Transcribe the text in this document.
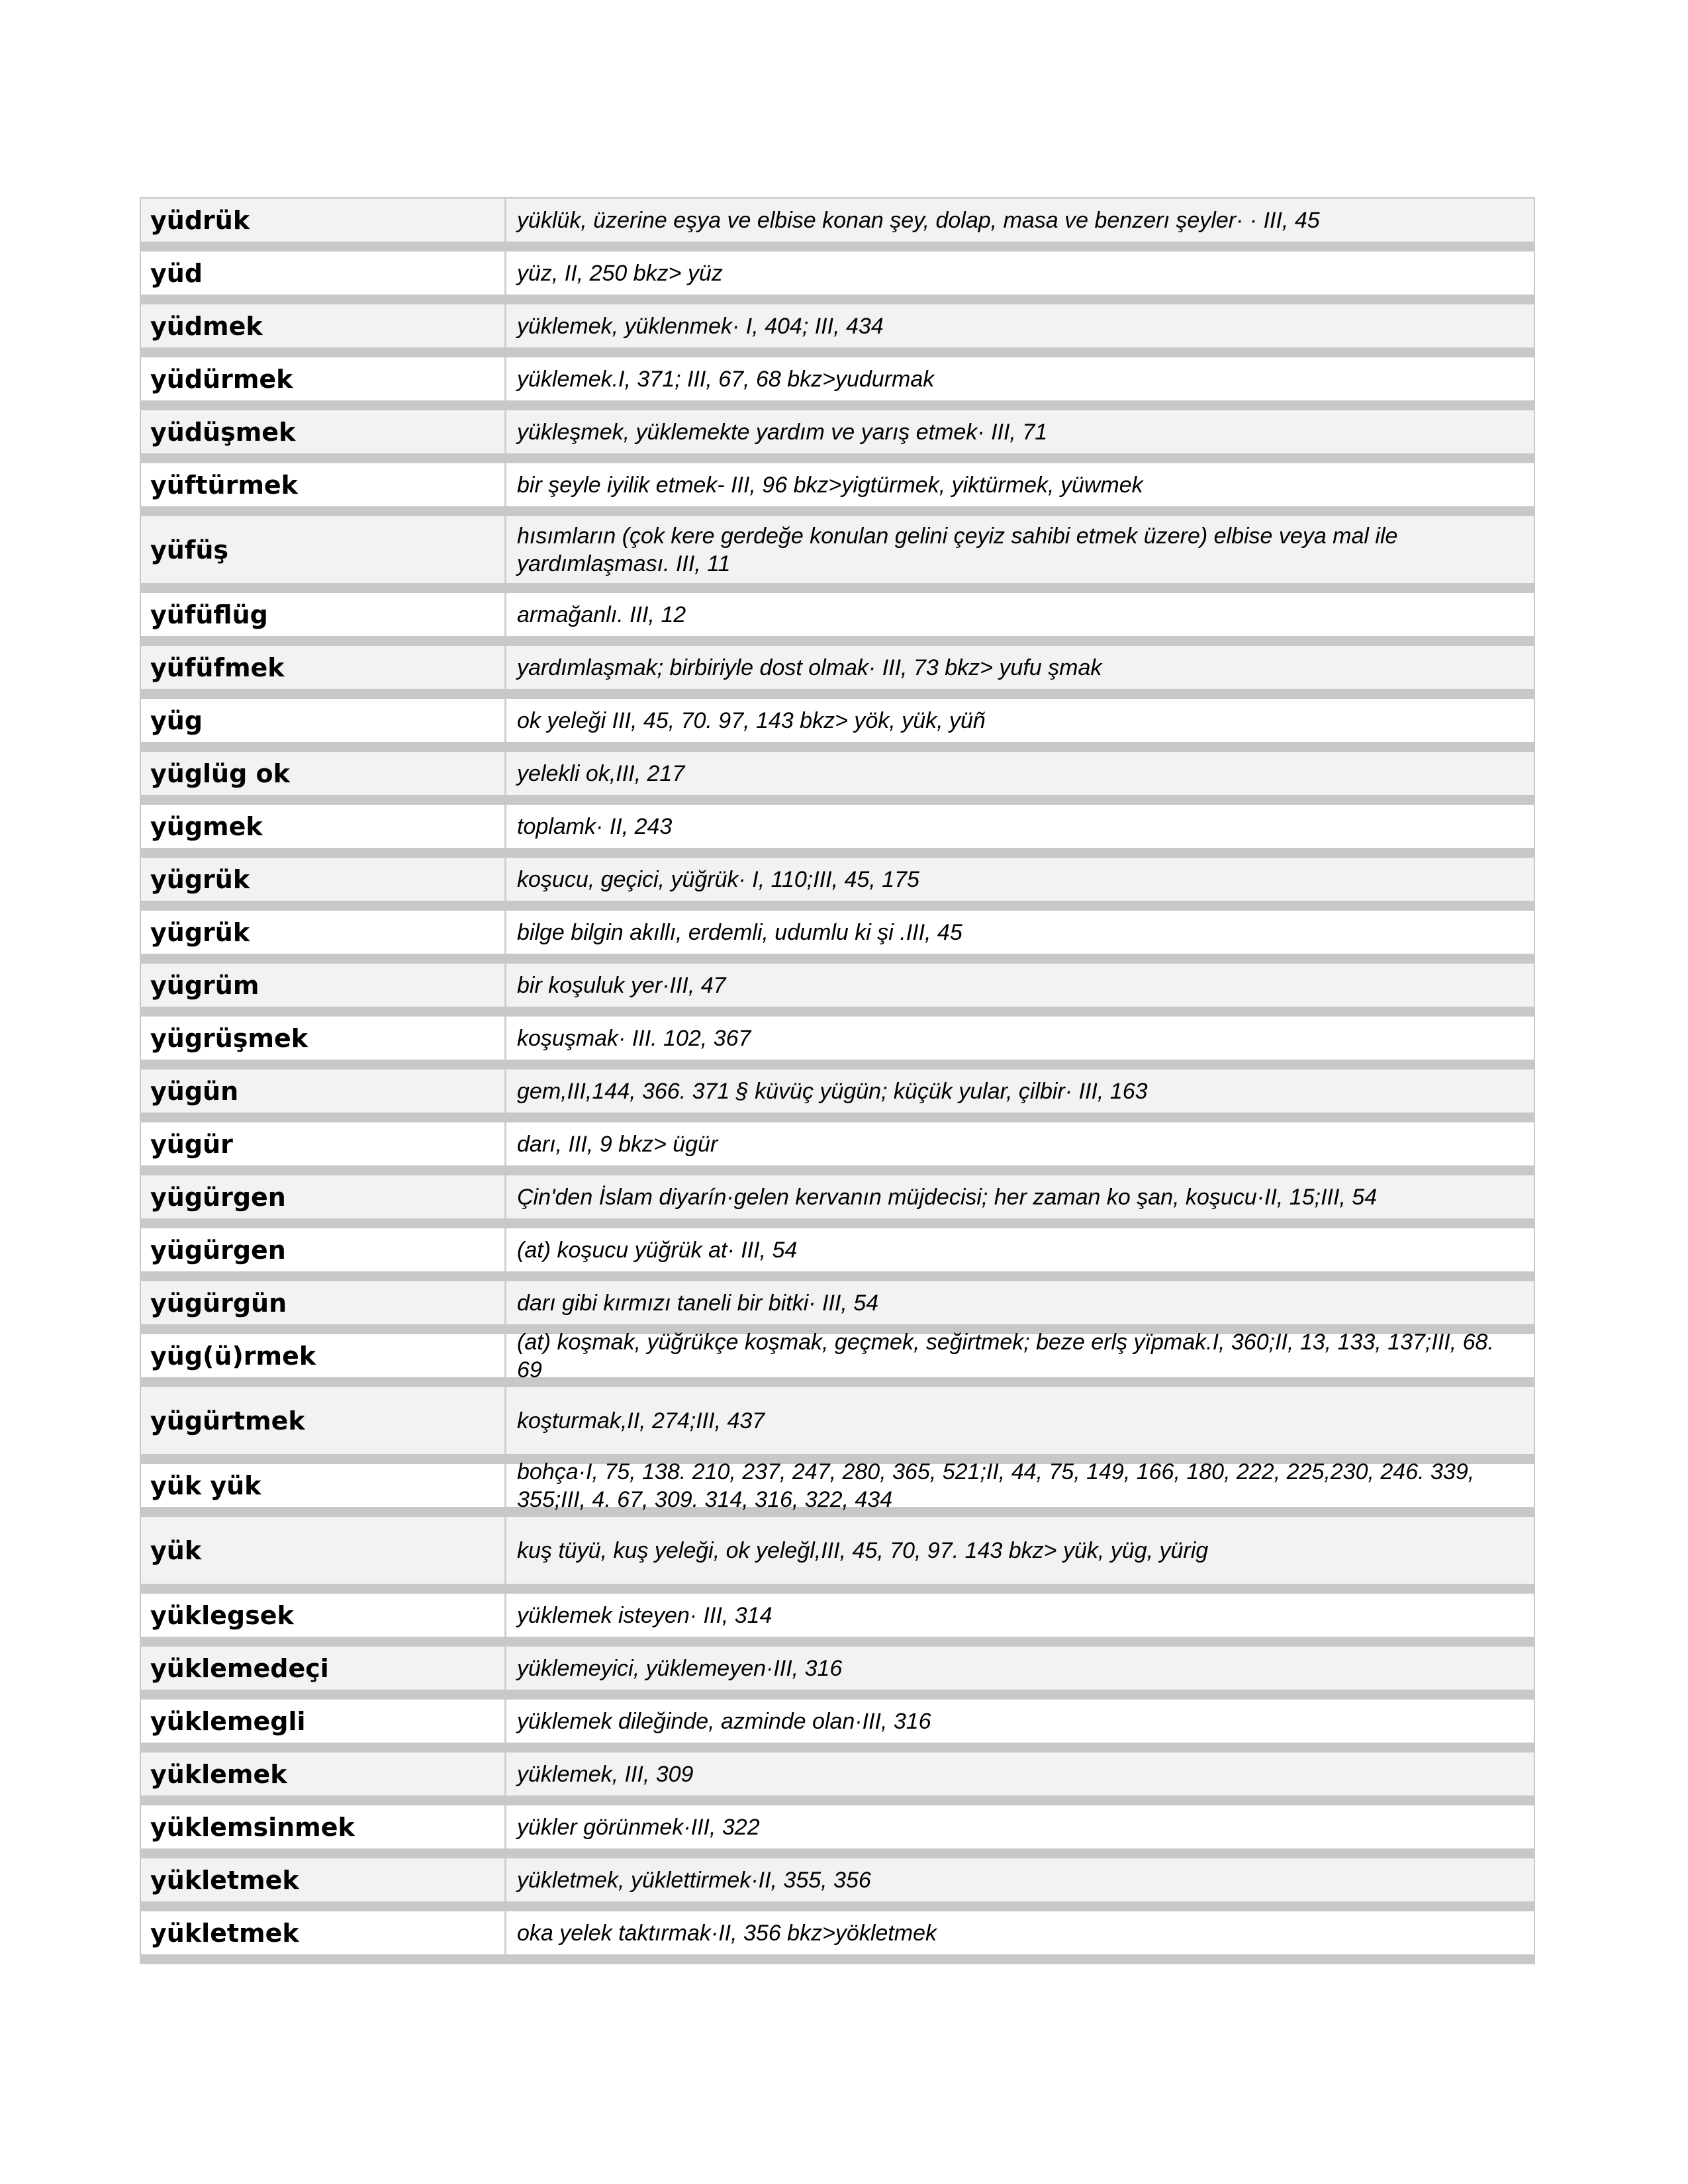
yüdrük	yüklük, üzerine eşya ve elbise konan şey, dolap, masa ve benzerı şeyler· · III, 45
yüd	yüz, II, 250 bkz> yüz
yüdmek	yüklemek, yüklenmek· I, 404; III, 434
yüdürmek	yüklemek.I, 371; III, 67, 68 bkz>yudurmak
yüdüşmek	yükleşmek, yüklemekte yardım ve yarış etmek· III, 71
yüftürmek	bir şeyle iyilik etmek- III, 96 bkz>yigtürmek, yiktürmek, yüwmek
yüfüş	hısımların (çok kere gerdeğe konulan gelini çeyiz sahibi etmek üzere) elbise veya mal ile yardımlaşması. III, 11
yüfüflüg	armağanlı. III, 12
yüfüfmek	yardımlaşmak; birbiriyle dost olmak· III, 73 bkz> yufu şmak
yüg	ok yeleği III, 45, 70. 97, 143 bkz> yök, yük, yüñ
yüglüg ok	yelekli ok,III, 217
yügmek	toplamk· II, 243
yügrük	koşucu, geçici, yüğrük· I, 110;III, 45, 175
yügrük	bilge bilgin akıllı, erdemli, udumlu ki şi .III, 45
yügrüm	bir koşuluk yer·III, 47
yügrüşmek	koşuşmak· III. 102, 367
yügün	gem,III,144, 366. 371 § küvüç yügün; küçük yular, çilbir· III, 163
yügür	darı, III, 9 bkz> ügür
yügürgen	Çin'den İslam diyarín·gelen kervanın müjdecisi; her zaman ko şan, koşucu·II, 15;III, 54
yügürgen	(at) koşucu yüğrük at· III, 54
yügürgün	darı gibi kırmızı taneli bir bitki· III, 54
yüg(ü)rmek	(at) koşmak, yüğrükçe koşmak, geçmek, seğirtmek; beze erlş yïpmak.I, 360;II, 13, 133, 137;III, 68. 69
yügürtmek	koşturmak,II, 274;III, 437
yük yük	bohça·I, 75, 138. 210, 237, 247, 280, 365, 521;II, 44, 75, 149, 166, 180, 222, 225,230, 246. 339, 355;III, 4. 67, 309. 314, 316, 322, 434
yük	kuş tüyü, kuş yeleği, ok yeleğl,III, 45, 70, 97. 143 bkz> yük, yüg, yürig
yüklegsek	yüklemek isteyen· III, 314
yüklemedeçi	yüklemeyici, yüklemeyen·III, 316
yüklemegli	yüklemek dileğinde, azminde olan·III, 316
yüklemek	yüklemek, III, 309
yüklemsinmek	yükler görünmek·III, 322
yükletmek	yükletmek, yüklettirmek·II, 355, 356
yükletmek	oka yelek taktırmak·II, 356 bkz>yökletmek
